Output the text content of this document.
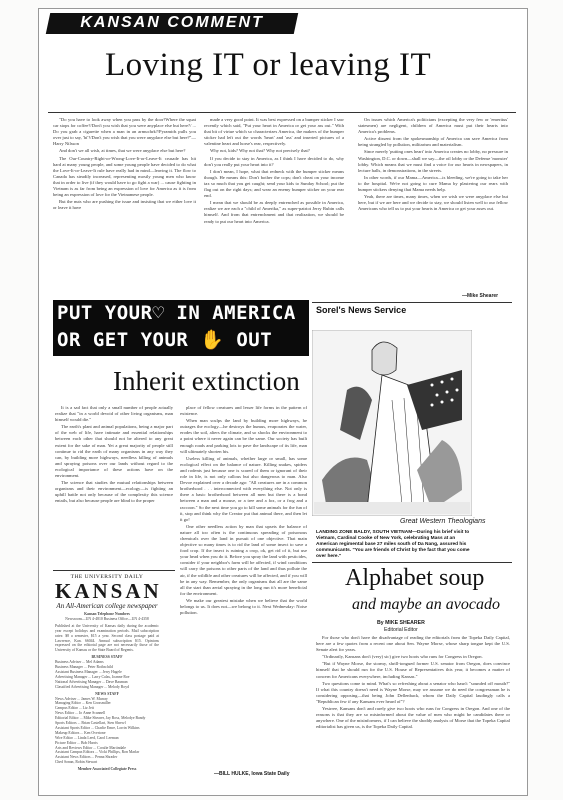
KANSAN COMMENT
Loving IT or leaving IT

"Do you have to look away when you pass by the door?Where the squat car stops for coffee?/Don't you wish that you were anyplace else but here?/ ... Do you grab a cigarette when a man in an armuchrk?/Pyramids pulls you over just to say, 'hi'?/Don't you wish that you were anyplace else but here?"—Harry Nilsson

And don't we all wish, at times, that we were anyplace else but here?

The Our-Country-Right-or-Wrong-Love-It-or-Leave-It crusade has hit hard at many young people, and some young people have decided to do what the Love-It-or-Leave-It rule have really had in mind—leaving it. The flow to Canada has steadily increased, representing mostly young men who know that in order to live (if they would have to go fight a war) ... cause fighting in Vietnam is as far from being an expression of love for America as it is from being an expression of love for the Vietnamese people.

But the nuts who are pushing the issue and insisting that we either love it or leave it have

made a very good point. It was best expressed on a bumper sticker I saw recently which said, "Put your heart in America or get your ass out." With that bit of virtue which so characterizes America, the makers of the bumper sticker had left out the words 'heart' and 'ass' and inserted pictures of a valentine heart and horse's rear, respectively.

Why not, kids? Why not that? Why not precisely that?

If you decide to stay in America, as I think I have decided to do, why don't you really put your heart into it?

I don't mean, I hope, what that redneck with the bumper sticker means though. He means this: Don't bother the cops; don't cheat on your income tax so much that you get caught; send your kids to Sunday School; put the flag out on the right days; and wear an enemy bumper sticker on your rear end.

I mean that we should be as deeply entrenched as possible in America, realize we are each a "child of Amerika," as super-patriot Jerry Rubin calls himself. And from that entrenchment and that realization, we should be ready to put our heart into America.

On issues which America's politicians (excepting the very few or 'emeritus' statesmen) are negligent, children of America must put their hearts into America's problems.

Active dissent from the spokesmanship of America can save America from being strangled by pollution, militarism and materialism.

Since merely 'putting ones heart' into America creates no lobby, no pressure in Washington, D.C. or down—shall we say—the oil lobby or the Defense 'monster' lobby. Which means that we must find a voice for our hearts in newspapers, in lecture halls, in demonstrations, in the streets.

In other words, if our Mama—America—is bleeding, we're going to take her to the hospital. We're not going to cure Mama by plastering our rears with bumper stickers denying that Mama needs help.

Yeah, there are times, many times, when we wish we were anyplace else but here, but if we are here and we decide to stay, we should listen well to our fellow Americans who tell us to put your hearts in America or get your asses out.

—Mike Shearer
PUT YOUR♡ IN AMERICA
OR GET YOUR ✋ OUT
Inherit extinction

It is a sad fact that only a small number of people actually realize that "in a world devoid of other living organisms, man himself would die."

The earth's plant and animal populations, being a major part of the web of life, have intimate and essential relationships between each other that should not be altered to any great extent for the sake of man. Yet a great majority of people still continue to rid the earth of many organisms in any way they can, by building more highways, needless killing of animals and spraying poisons over our lands without regard to the ecological importance of these actions have on the environment.

The science that studies the mutual relationships between organisms and their environment—ecology—is fighting an uphill battle not only because of the complexity this science entails, but also because people are blind to the proper

place of fellow creatures and lesser life forms in the pattern of existence.

When man sculps the land by building more highways, he outrages the ecology—he destroys the humus, evaporates the water, erodes the soil, alters the climate, and so shocks the environment to a point where it never again can be the same. Our society has built enough roads and parking lots to pave the landscape of its life, man will ultimately shorten his.

Useless killing of animals, whether large or small, has some ecological effect on the balance of nature. Killing snakes, spiders and rodents just because one is scared of them or ignorant of their role in life, is not only callous but also dangerous to man. Also Devoe explained over a decade ago: "All creatures are in a common brotherhood . . . interconnected with everything else. Not only is there a basic brotherhood between all men but there is a bond between a man and a mouse, or a tree and a fox, or a frog and a raccoon." So the next time you go to kill some animals for the fun of it, stop and think why the Creator put that animal there, and then let it go!

One other needless action by man that upsets the balance of nature all too often is the continuous spreading of poisonous chemicals over the land in pursuit of one objective. That main objective so many times is to rid the land of some insect to save a food crop. If the insect is ruining a crop, ok, get rid of it, but use your head when you do it. Before you spray the land with pesticides, consider if your neighbor's farm will be affected, if wind conditions will carry the poisons to other parts of the land and thus pollute the air, if the wildlife and other creatures will be affected, and if you will be in any way. Remember, the only organisms that all are the same all the start than aerial spraying in the long run it's more beneficial for the environment.

We make our greatest mistake when we believe that the world belongs to us. It does not—we belong to it. Next Wednesday: Noise pollution.

—BILL HULKE, Iowa State Daily
Sorel's News Service
Great Western Theologians
LANDING ZONE BALDY, SOUTH VIETNAM—During his brief visit to Vietnam, Cardinal Cooke of New York, celebrating Mass at an American regimental base 27 miles south of Da Nang, assured his communicants. "You are friends of Christ by the fact that you come over here."
Alphabet soup
and maybe an avocado
By MIKE SHEARER
Editorial Editor

For those who don't have the disadvantage of reading the editorials from the Topeka Daily Capital, here are a few quotes from a recent one about Sen. Wayne Morse, whose sharp tongue kept the U.S. Senate alert for years.

"Ordinarily, Kansans don't (very) sic) give two hoots who runs for Congress in Oregon.

"But if Wayne Morse, the stormy, shrill-tongued former U.S. senator from Oregon, does convince himself that he should run for the U.S. House of Representatives this year, it becomes a matter of concern for Americans everywhere, including Kansas."

Two questions come to mind. What's so refreshing about a senator who hasn't "sounded off mouth?" If what this country doesn't need is Wayne Morse, may we assume we do need the congressman he is considering opposing—that being John Dellenback, whom the Daily Capital laudingly calls a "Republican few if any Kansans ever heard of"?

Yesirree, Kansans don't and rarely give two hoots who runs for Congress in Oregon. And one of the reasons is that they are so misinformed about the value of men who might be candidates there or anywhere. One of the misinformers, if I can believe the shoddy analysis of Morse that the Topeka Capital editorialist has given us, is the Topeka Daily Capital.

THE UNIVERSITY DAILY
KANSAN
An All-American college newspaper
Kansan Telephone Numbers
Newsroom—UN 4-4810 Business Office—UN 4-4358
Published at the University of Kansas daily during the academic year except holidays and examination periods. Mail subscription rates: $8 a semester, $15 a year. Second class postage paid at Lawrence, Kan. 66044. Annual subscription $15. Opinions expressed on the editorial page are not necessarily those of the University of Kansas or the State Board of Regents.
BUSINESS STAFF
Business Adviser ... Mel Adams
Business Manager ... Peter Rothschild
Assistant Business Manager ... Jerry Hagele
Advertising Manager ... Larry Calas, Joanne Roe
National Advertising Manager ... Dave Bauman
Classified Advertising Manager ... Melody Boyd
NEWS STAFF
News Adviser ... James W. Murray
Managing Editor ... Ken Grossmiller
Campus Editor ... Liz Jett
News Editor ... Jo Anne Scannell
Editorial Editor ... Mike Shearer, Jay Ross, Melodye Bandy
Sports Editors ... Brian Castellari, Sten Shrewl
Assistant Sports Editor ... Charlie Emre, Lorrin Wilkins
Makeup Editors ... Ken Overtone
Wire Editor ... Linda Leed, Carol Leeman
Picture Editor ... Bob Harris
Arts and Reviews Editor ... Coralie Martindale
Assistant Campus Editors ... Vicki Phillips, Ron Marlar
Assistant News Editors ... Penna Shrader
Ched Sonan, Robin Stewart
Member Associated Collegiate Press
